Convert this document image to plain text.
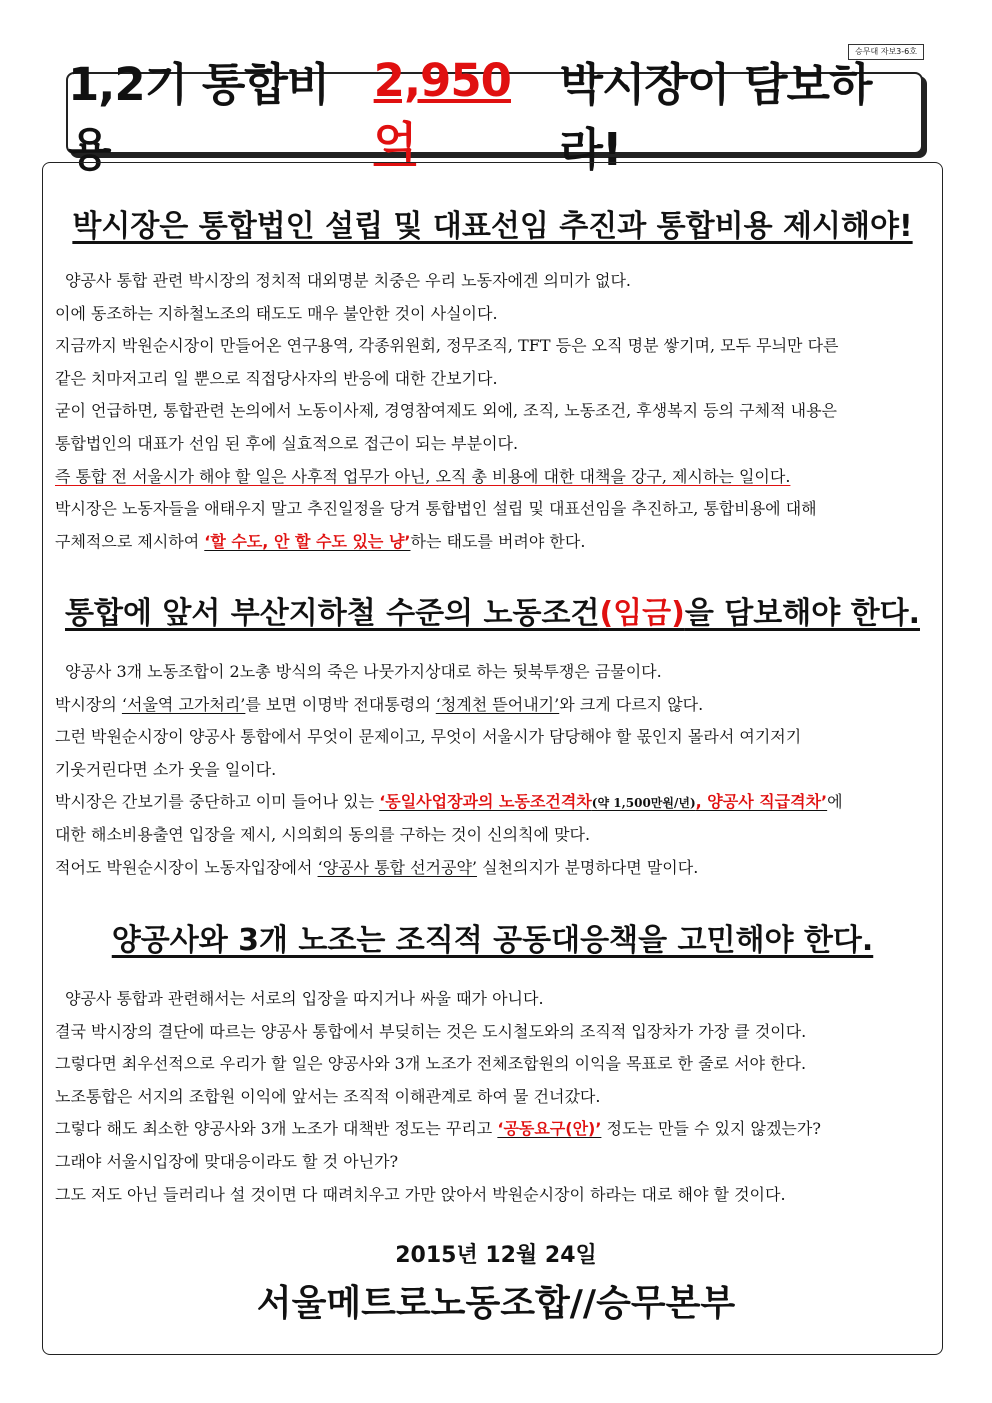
승무대 자보3-6호
1,2기 통합비용
2,950억
박시장이 담보하라!
박시장은 통합법인 설립 및 대표선임 추진과 통합비용 제시해야!
양공사 통합 관련 박시장의 정치적 대외명분 치중은 우리 노동자에겐 의미가 없다.
이에 동조하는 지하철노조의 태도도 매우 불안한 것이 사실이다.
지금까지 박원순시장이 만들어온 연구용역, 각종위원회, 정무조직, TFT 등은 오직 명분 쌓기며, 모두 무늬만 다른
같은 치마저고리 일 뿐으로 직접당사자의 반응에 대한 간보기다.
굳이 언급하면, 통합관련 논의에서 노동이사제, 경영참여제도 외에, 조직, 노동조건, 후생복지 등의 구체적 내용은
통합법인의 대표가 선임 된 후에 실효적으로 접근이 되는 부분이다.
즉 통합 전 서울시가 해야 할 일은 사후적 업무가 아닌, 오직 총 비용에 대한 대책을 강구, 제시하는 일이다.
박시장은 노동자들을 애태우지 말고 추진일정을 당겨 통합법인 설립 및 대표선임을 추진하고, 통합비용에 대해
구체적으로 제시하여 ‘할 수도, 안 할 수도 있는 냥’하는 태도를 버려야 한다.
통합에 앞서 부산지하철 수준의 노동조건(임금)을 담보해야 한다.
양공사 3개 노동조합이 2노총 방식의 죽은 나뭇가지상대로 하는 뒷북투쟁은 금물이다.
박시장의 ‘서울역 고가처리’를 보면 이명박 전대통령의 ‘청계천 뜯어내기’와 크게 다르지 않다.
그런 박원순시장이 양공사 통합에서 무엇이 문제이고, 무엇이 서울시가 담당해야 할 몫인지 몰라서 여기저기
기웃거린다면 소가 웃을 일이다.
박시장은 간보기를 중단하고 이미 들어나 있는 ‘동일사업장과의 노동조건격차(약 1,500만원/년), 양공사 직급격차’에
대한 해소비용출연 입장을 제시, 시의회의 동의를 구하는 것이 신의칙에 맞다.
적어도 박원순시장이 노동자입장에서 ‘양공사 통합 선거공약’ 실천의지가 분명하다면 말이다.
양공사와 3개 노조는 조직적 공동대응책을 고민해야 한다.
양공사 통합과 관련해서는 서로의 입장을 따지거나 싸울 때가 아니다.
결국 박시장의 결단에 따르는 양공사 통합에서 부딪히는 것은 도시철도와의 조직적 입장차가 가장 클 것이다.
그렇다면 최우선적으로 우리가 할 일은 양공사와 3개 노조가 전체조합원의 이익을 목표로 한 줄로 서야 한다.
노조통합은 서지의 조합원 이익에 앞서는 조직적 이해관계로 하여 물 건너갔다.
그렇다 해도 최소한 양공사와 3개 노조가 대책반 정도는 꾸리고 ‘공동요구(안)’ 정도는 만들 수 있지 않겠는가?
그래야 서울시입장에 맞대응이라도 할 것 아닌가?
그도 저도 아닌 들러리나 설 것이면 다 때려치우고 가만 앉아서 박원순시장이 하라는 대로 해야 할 것이다.
2015년 12월 24일
서울메트로노동조합//승무본부
